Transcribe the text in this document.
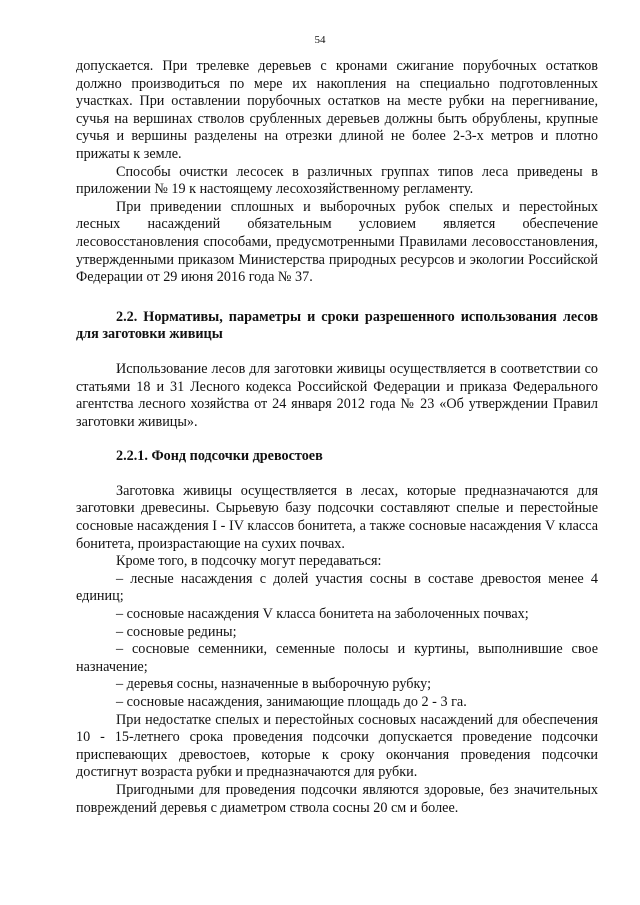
54

допускается. При трелевке деревьев с кронами сжигание порубочных остатков должно производиться по мере их накопления на специально подготовленных участках. При оставлении порубочных остатков на месте рубки на перегнивание, сучья на вершинах стволов срубленных деревьев должны быть обрублены, крупные сучья и вершины разделены на отрезки длиной не более 2-3-х метров и плотно прижаты к земле.

Способы очистки лесосек в различных группах типов леса приведены в приложении № 19 к настоящему лесохозяйственному регламенту.

При приведении сплошных и выборочных рубок спелых и перестойных лесных насаждений обязательным условием является обеспечение лесовосстановления способами, предусмотренными Правилами лесовосстановления, утвержденными приказом Министерства природных ресурсов и экологии Российской Федерации от 29 июня 2016 года № 37.

2.2. Нормативы, параметры и сроки разрешенного использования лесов для заготовки живицы

Использование лесов для заготовки живицы осуществляется в соответствии со статьями 18 и 31 Лесного кодекса Российской Федерации и приказа Федерального агентства лесного хозяйства от 24 января 2012 года № 23 «Об утверждении Правил заготовки живицы».

2.2.1. Фонд подсочки древостоев

Заготовка живицы осуществляется в лесах, которые предназначаются для заготовки древесины. Сырьевую базу подсочки составляют спелые и перестойные сосновые насаждения I - IV классов бонитета, а также сосновые насаждения V класса бонитета, произрастающие на сухих почвах.

Кроме того, в подсочку могут передаваться:

– лесные насаждения с долей участия сосны в составе древостоя менее 4 единиц;

– сосновые насаждения V класса бонитета на заболоченных почвах;

– сосновые редины;

– сосновые семенники, семенные полосы и куртины, выполнившие свое назначение;

– деревья сосны, назначенные в выборочную рубку;

– сосновые насаждения, занимающие площадь до 2 - 3 га.

При недостатке спелых и перестойных сосновых насаждений для обеспечения 10 - 15-летнего срока проведения подсочки допускается проведение подсочки приспевающих древостоев, которые к сроку окончания проведения подсочки достигнут возраста рубки и предназначаются для рубки.

Пригодными для проведения подсочки являются здоровые, без значительных повреждений деревья с диаметром ствола сосны 20 см и более.
